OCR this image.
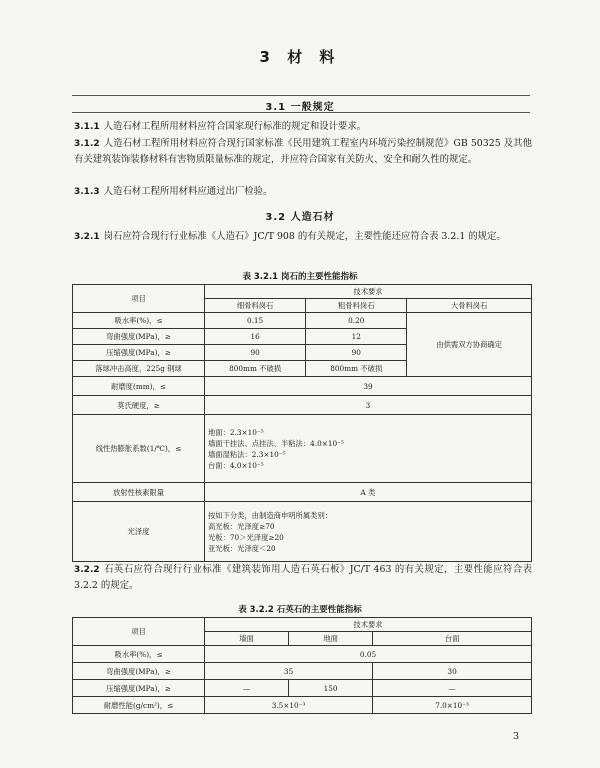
3 材 料
3.1 一般规定
3.1.1 人造石材工程所用材料应符合国家现行标准的规定和设计要求。
3.1.2 人造石材工程所用材料应符合现行国家标准《民用建筑工程室内环境污染控制规范》GB 50325 及其他有关建筑装饰装修材料有害物质限量标准的规定，并应符合国家有关防火、安全和耐久性的规定。
3.1.3 人造石材工程所用材料应通过出厂检验。
3.2 人造石材
3.2.1 岗石应符合现行行业标准《人造石》JC/T 908 的有关规定，主要性能还应符合表 3.2.1 的规定。
表 3.2.1 岗石的主要性能指标
项目	技术要求		
	细骨料岗石	粗骨料岗石	大骨料岗石
吸水率(%)，≤	0.15	0.20	由供需双方协商确定
弯曲强度(MPa)，≥	16	12	
压缩强度(MPa)，≥	90	90	
落球冲击高度，225g 钢球	800mm 不破损	800mm 不破损	
耐磨度(mm)，≤	39		
莫氏硬度，≥	3		
线性热膨胀系数(1/℃)，≤	地面：2.3×10⁻⁵
墙面干挂法、点挂法、半粘法：4.0×10⁻⁵
墙面湿粘法：2.3×10⁻⁵
台面：4.0×10⁻⁵		

放射性核素限量	A 类		
光泽度	按如下分类，由制造商申明所属类别：
高光板：光泽度≥70
光板：70＞光泽度≥20
亚光板：光泽度＜20		
3.2.2 石英石应符合现行行业标准《建筑装饰用人造石英石板》JC/T 463 的有关规定，主要性能应符合表 3.2.2 的规定。
表 3.2.2 石英石的主要性能指标
项目	技术要求		
	墙面	地面	台面
吸水率(%)，≤	0.05		
弯曲强度(MPa)，≥	35		30
压缩强度(MPa)，≥	—	150	—
耐磨性能(g/cm²)，≤	3.5×10⁻³		7.0×10⁻³
3
